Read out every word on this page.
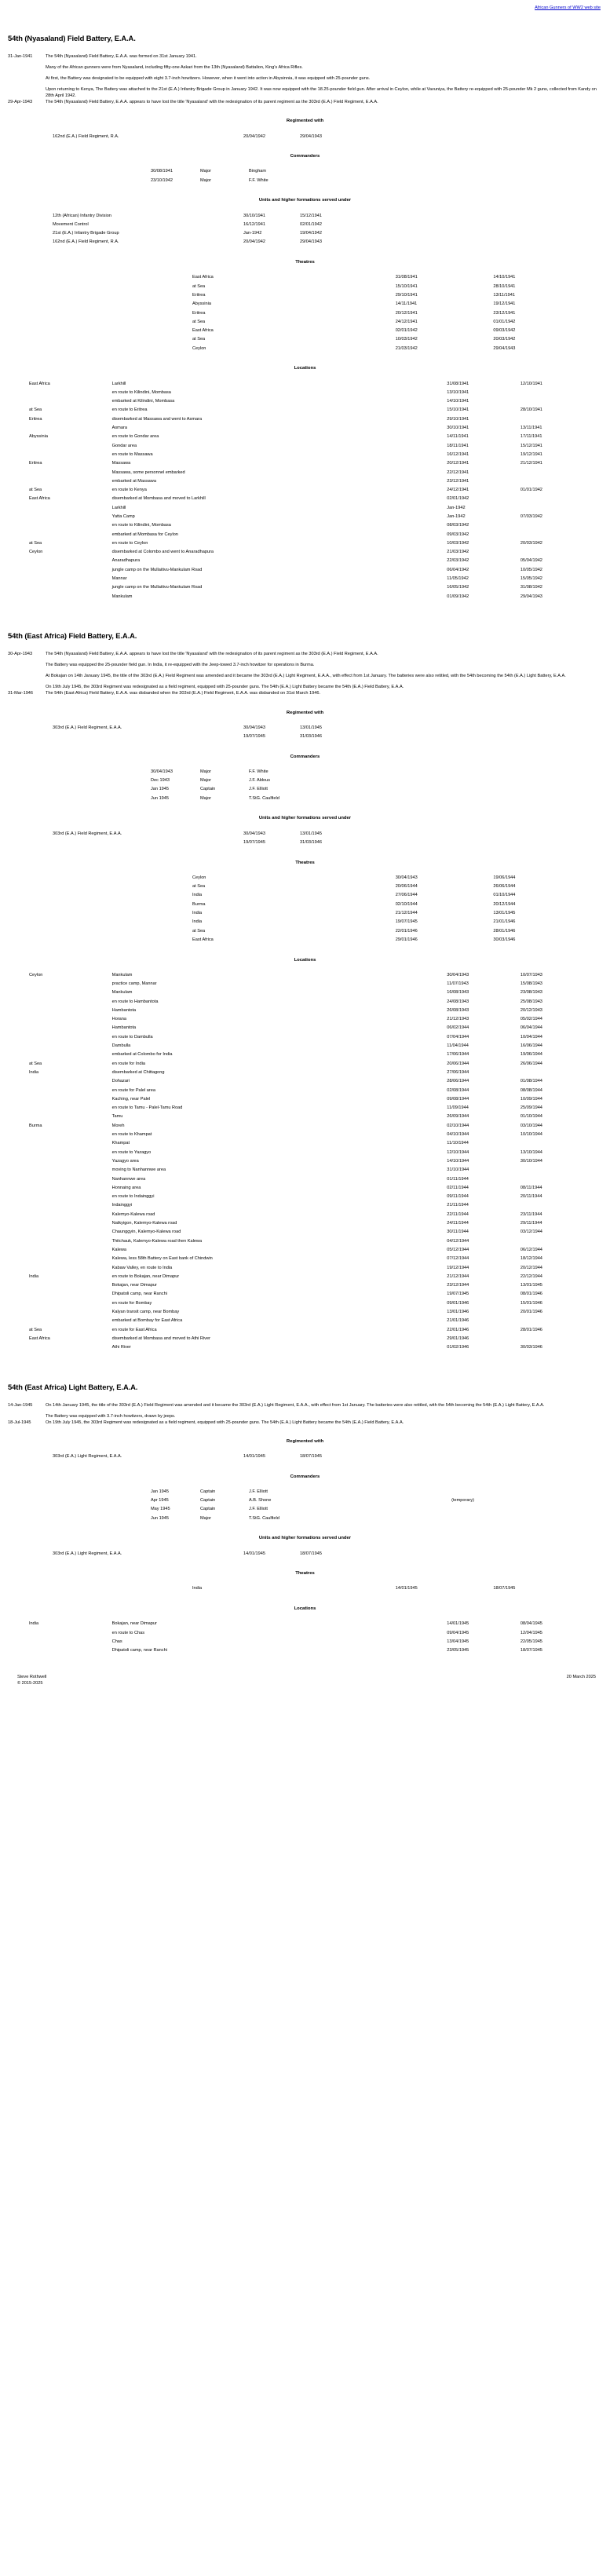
African Gunners of WW2 web site
54th (Nyasaland) Field Battery, E.A.A.
31-Jan-1941	The 54th (Nyasaland) Field Battery, E.A.A. was formed on 31st January 1941.

Many of the African gunners were from Nyasaland, including fifty-one Askari from the 13th (Nyasaland) Battalion, King's Africa Rifles.

At first, the Battery was designated to be equipped with eight 3.7-inch howitzers. However, when it went into action in Abysinnia, it was equipped with 25-pounder guns.

Upon returning to Kenya, The Battery was attached to the 21st (E.A.) Infantry Brigade Group in January 1942. It was now equipped with the 18.25-pounder field gun. After arrival in Ceylon, while at Vavuniya, the Battery re-equipped with 25-pounder Mk 2 guns, collected from Kandy on 28th April 1942.

29-Apr-1943	The 54th (Nyasaland) Field Battery, E.A.A. appears to have lost the title 'Nyasaland' with the redesignation of its parent regiment as the 303rd (E.A.) Field Regiment, E.A.A.

Regimented with
162nd (E.A.) Field Regiment, R.A.	20/04/1942	29/04/1943	
Commanders
30/08/1941	Major	Bingham
23/10/1942	Major	F.F. White
Units and higher formations served under
12th (African) Infantry Division	30/10/1941	15/12/1941	
Movement Control	16/12/1941	02/01/1942	
21st (E.A.) Infantry Brigade Group	Jan-1942	19/04/1942	
162nd (E.A.) Field Regiment, R.A.	20/04/1942	29/04/1943	
Theatres
East Africa	31/08/1941	14/10/1941
at Sea	15/10/1941	28/10/1941
Eritrea	29/10/1941	13/11/1941
Abyssinia	14/11/1941	19/12/1941
Eritrea	20/12/1941	23/12/1941
at Sea	24/12/1941	01/01/1942
East Africa	02/01/1942	09/03/1942
at Sea	10/03/1942	20/03/1942
Ceylon	21/03/1942	29/04/1943
Locations
East Africa	Larkhill	31/08/1941	12/10/1941
	en route to Kilindini, Mombasa	13/10/1941	
	embarked at Kilindini, Mombasa	14/10/1941	
at Sea	en route to Eritrea	15/10/1941	28/10/1941
Eritrea	disembarked at Massawa and went to Asmara	29/10/1941	
	Asmara	30/10/1941	13/11/1941
Abyssinia	en route to Gondar area	14/11/1941	17/11/1941
	Gondar area	18/11/1941	15/12/1941
	en route to Massawa	16/12/1941	19/12/1941
Eritrea	Massawa	20/12/1941	21/12/1941
	Massawa, some personnel embarked	22/12/1941	
	embarked at Massawa	23/12/1941	
at Sea	en route to Kenya	24/12/1941	01/01/1942
East Africa	disembarked at Mombasa and moved to Larkhill	02/01/1942	
	Larkhill	Jan-1942	
	Yatta Camp	Jan-1942	07/03/1942
	en route to Kilindini, Mombasa	08/03/1942	
	embarked at Mombasa for Ceylon	09/03/1942	
at Sea	en route to Ceylon	10/03/1942	20/03/1942
Ceylon	disembarked at Colombo and went to Anaradhapura	21/03/1942	
	Anaradhapura	22/03/1942	05/04/1942
	jungle camp on the Mullaitivu-Mankulam Road	06/04/1942	10/05/1942
	Mannar	11/05/1942	15/05/1942
	jungle camp on the Mullaitivu-Mankulam Road	16/05/1942	31/08/1942
	Mankulam	01/09/1942	29/04/1943
54th (East Africa) Field Battery, E.A.A.
30-Apr-1943	The 54th (Nyasaland) Field Battery, E.A.A. appears to have lost the title 'Nyasaland' with the redesignation of its parent regiment as the 303rd (E.A.) Field Regiment, E.A.A.

The Battery was equipped the 25-pounder field gun. In India, it re-equipped with the Jeep-towed 3.7-inch howitzer for operations in Burma.

At Bokajan on 14th January 1945, the title of the 303rd (E.A.) Field Regiment was amended and it became the 303rd (E.A.) Light Regiment, E.A.A., with effect from 1st January. The batteries were also retitled, with the 54th becoming the 54th (E.A.) Light Battery, E.A.A.

On 19th July 1945, the 303rd Regiment was redesignated as a field regiment, equipped with 25-pounder guns. The 54th (E.A.) Light Battery became the 54th (E.A.) Field Battery, E.A.A.

31-Mar-1946	The 54th (East Africa) Field Battery, E.A.A. was disbanded when the 303rd (E.A.) Field Regiment, E.A.A. was disbanded on 31st March 1946.

Regimented with
303rd (E.A.) Field Regiment, E.A.A.	30/04/1943	13/01/1945	
	19/07/1945	31/03/1946	
Commanders
30/04/1943	Major	F.F. White
Dec 1943	Major	J.F. Aldous
Jan 1945	Captain	J.F. Elliott
Jun 1945	Major	T.StG. Caulfield
Units and higher formations served under
303rd (E.A.) Field Regiment, E.A.A.	30/04/1943	13/01/1945	
	19/07/1945	31/03/1946	
Theatres
Ceylon	30/04/1943	19/06/1944
at Sea	20/06/1944	26/06/1944
India	27/06/1944	01/10/1944
Burma	02/10/1944	20/12/1944
India	21/12/1944	13/01/1945
India	19/07/1945	21/01/1946
at Sea	22/01/1946	28/01/1946
East Africa	29/01/1946	30/03/1946
Locations
Ceylon	Mankulam	30/04/1943	10/07/1943
	practice camp, Mannar	11/07/1943	15/08/1943
	Mankulam	16/08/1943	23/08/1943
	en route to Hambantota	24/08/1943	25/08/1943
	Hambantota	26/08/1943	20/12/1943
	Horana	21/12/1943	05/02/1944
	Hambantota	06/02/1944	06/04/1944
	en route to Dambulla	07/04/1944	10/04/1944
	Dambulla	11/04/1944	16/06/1944
	embarked at Colombo for India	17/06/1944	19/06/1944
at Sea	en route for India	20/06/1944	26/06/1944
India	disembarked at Chittagong	27/06/1944	
	Dohazari	28/06/1944	01/08/1944
	en route for Palel area	02/08/1944	08/08/1944
	Kaching, near Palel	09/08/1944	10/09/1944
	en route to Tamu - Palel-Tamu Road	11/09/1944	25/09/1944
	Tamu	26/09/1944	01/10/1944
Burma	Moreh	02/10/1944	03/10/1944
	en route to Khampat	04/10/1944	10/10/1944
	Khampat	11/10/1944	
	en route to Yazagyo	12/10/1944	13/10/1944
	Yazagyo area	14/10/1944	30/10/1944
	moving to Nanhannwe area	31/10/1944	
	Nanhannwe area	01/11/1944	
	Honnaing area	02/11/1944	08/11/1944
	en route to Indainggyi	09/11/1944	20/11/1944
	Indainggyi	21/11/1944	
	Kalemyo-Kalewa road	22/11/1944	23/11/1944
	Natkyigon, Kalemyo-Kalewa road	24/11/1944	29/11/1944
	Chaunggyin, Kalemyo-Kalewa road	30/11/1944	03/12/1944
	Thitchauk, Kalemyo-Kalewa road then Kalewa	04/12/1944	
	Kalewa	05/12/1944	06/12/1944
	Kalewa, less 58th Battery on East bank of Chindwin	07/12/1944	18/12/1944
	Kabaw Valley, en route to India	19/12/1944	20/12/1944
India	en route to Bokajan, near Dimapur	21/12/1944	22/12/1944
	Bokajan, near Dimapur	23/12/1944	13/01/1945
	Dhipatoli camp, near Ranchi	19/07/1945	08/01/1946
	en route for Bombay	09/01/1946	15/01/1946
	Kalyan transit camp, near Bombay	13/01/1946	20/01/1946
	embarked at Bombay for East Africa	21/01/1946	
at Sea	en route for East Africa	22/01/1946	28/01/1946
East Africa	disembarked at Mombasa and moved to Athi River	29/01/1946	
	Athi River	01/02/1946	30/03/1946
54th (East Africa) Light Battery, E.A.A.
14-Jan-1945	On 14th January 1945, the title of the 303rd (E.A.) Field Regiment was amended and it became the 303rd (E.A.) Light Regiment, E.A.A., with effect from 1st January. The batteries were also retitled, with the 54th becoming the 54th (E.A.) Light Battery, E.A.A.

The Battery was equipped with 3.7-inch howitzers, drawn by jeeps.

18-Jul-1945	On 19th July 1945, the 303rd Regiment was redesignated as a field regiment, equipped with 25-pounder guns. The 54th (E.A.) Light Battery became the 54th (E.A.) Field Battery, E.A.A.

Regimented with
303rd (E.A.) Light Regiment, E.A.A.	14/01/1945	18/07/1945	
Commanders
Jan 1945	Captain	J.F. Elliott	
Apr 1945	Captain	A.B. Shone	(temporary)
May 1945	Captain	J.F. Elliott	
Jun 1945	Major	T.StG. Caulfield	
Units and higher formations served under
303rd (E.A.) Light Regiment, E.A.A.	14/01/1945	18/07/1945	
Theatres
India	14/01/1945	18/07/1945
Locations
India	Bokajan, near Dimapur	14/01/1945	08/04/1945
	en route to Chas	09/04/1945	12/04/1945
	Chas	13/04/1945	22/05/1945
	Dhipatoli camp, near Ranchi	23/05/1945	18/07/1945
Steve Rothwell
© 2015-2025
20 March 2025
